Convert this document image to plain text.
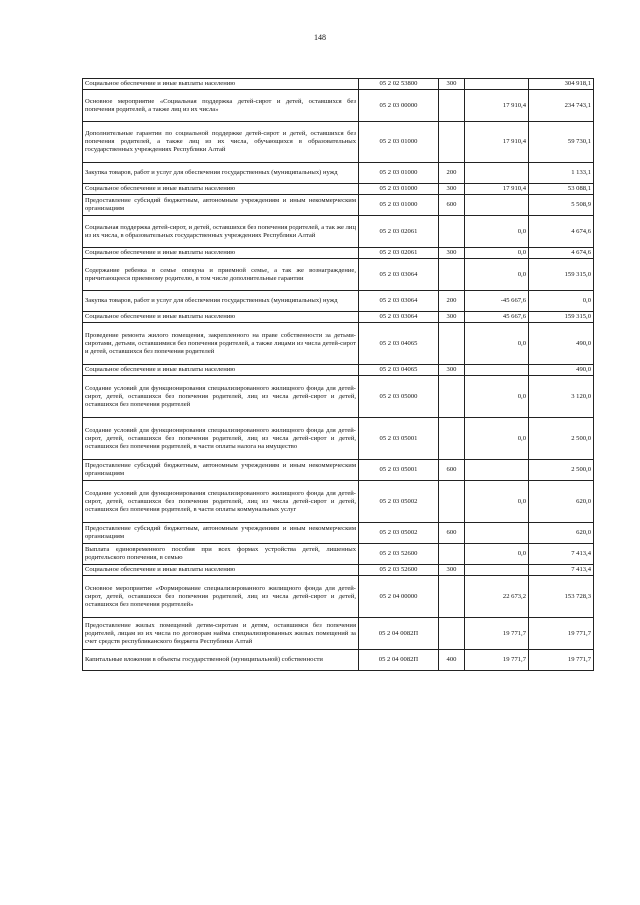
148
Социальное обеспечение и иные выплаты населению	05 2 02 53800	300		304 918,1
Основное мероприятие «Социальная поддержка детей-сирот и детей, оставшихся без попечения родителей, а также лиц из их числа»	05 2 03 00000		17 910,4	234 743,1
Дополнительные гарантии по социальной поддержке детей-сирот и детей, оставшихся без попечения родителей, а также лиц из их числа, обучающихся в образовательных государственных учреждениях Республики Алтай	05 2 03 01000		17 910,4	59 730,1
Закупка товаров, работ и услуг для обеспечения государственных (муниципальных) нужд	05 2 03 01000	200		1 133,1
Социальное обеспечение и иные выплаты населению	05 2 03 01000	300	17 910,4	53 088,1
Предоставление субсидий бюджетным, автономным учреждениям и иным некоммерческим организациям	05 2 03 01000	600		5 508,9
Социальная поддержка детей-сирот, и детей, оставшихся без попечения родителей, а так же лиц из их числа, в образовательных государственных учреждениях Республики Алтай	05 2 03 02061		0,0	4 674,6
Социальное обеспечение и иные выплаты населению	05 2 03 02061	300	0,0	4 674,6
Содержание ребенка в семье опекуна и приемной семье, а так же вознаграждение, причитающееся приемному родителю, в том числе дополнительные гарантии	05 2 03 03064		0,0	159 315,0
Закупка товаров, работ и услуг для обеспечения государственных (муниципальных) нужд	05 2 03 03064	200	-45 667,6	0,0
Социальное обеспечение и иные выплаты населению	05 2 03 03064	300	45 667,6	159 315,0
Проведение ремонта жилого помещения, закрепленного на праве собственности за детьми-сиротами, детьми, оставшимися без попечения родителей, а также лицами из числа детей-сирот и детей, оставшихся без попечения родителей	05 2 03 04065		0,0	490,0
Социальное обеспечение и иные выплаты населению	05 2 03 04065	300		490,0
Создание условий для функционирования специализированного жилищного фонда для детей-сирот, детей, оставшихся без попечения родителей, лиц из числа детей-сирот и детей, оставшихся без попечения родителей	05 2 03 05000		0,0	3 120,0
Создание условий для функционирования специализированного жилищного фонда для детей-сирот, детей, оставшихся без попечения родителей, лиц из числа детей-сирот и детей, оставшихся без попечения родителей, в части оплаты налога на имущество	05 2 03 05001		0,0	2 500,0
Предоставление субсидий бюджетным, автономным учреждениям и иным некоммерческим организациям	05 2 03 05001	600		2 500,0
Создание условий для функционирования специализированного жилищного фонда для детей-сирот, детей, оставшихся без попечения родителей, лиц из числа детей-сирот и детей, оставшихся без попечения родителей, в части оплаты коммунальных услуг	05 2 03 05002		0,0	620,0
Предоставление субсидий бюджетным, автономным учреждениям и иным некоммерческим организациям	05 2 03 05002	600		620,0
Выплата единовременного пособия при всех формах устройства детей, лишенных родительского попечения, в семью	05 2 03 52600		0,0	7 413,4
Социальное обеспечение и иные выплаты населению	05 2 03 52600	300		7 413,4
Основное мероприятие «Формирование специализированного жилищного фонда для детей-сирот, детей, оставшихся без попечения родителей, лиц из числа детей-сирот и детей, оставшихся без попечения родителей»	05 2 04 00000		22 673,2	153 728,3
Предоставление жилых помещений детям-сиротам и детям, оставшимся без попечения родителей, лицам из их числа по договорам найма специализированных жилых помещений за счет средств республиканского бюджета Республики Алтай	05 2 04 0082П		19 771,7	19 771,7
Капитальные вложения в объекты государственной (муниципальной) собственности	05 2 04 0082П	400	19 771,7	19 771,7
